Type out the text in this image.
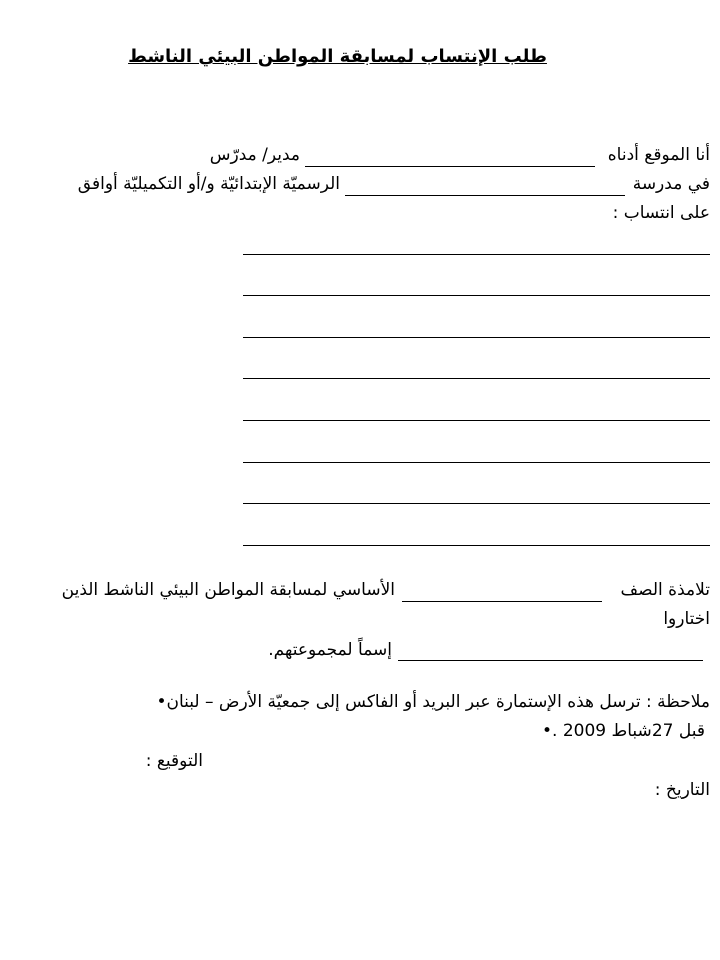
طلب الإنتساب لمسابقة المواطن البيئي الناشط
أنا الموقع أدناه
مدير/ مدرّس
في مدرسة
الرسميّة الإبتدائيّة و/أو التكميليّة أوافق
على انتساب :
تلامذة الصف
الأساسي لمسابقة المواطن البيئي الناشط الذين
اختاروا
إسماً لمجموعتهم.
ملاحظة : ترسل هذه الإستمارة عبر البريد أو الفاكس إلى جمعيّة الأرض – لبنان•
قبل 27شباط 2009 .•
التوقيع :
التاريخ :
